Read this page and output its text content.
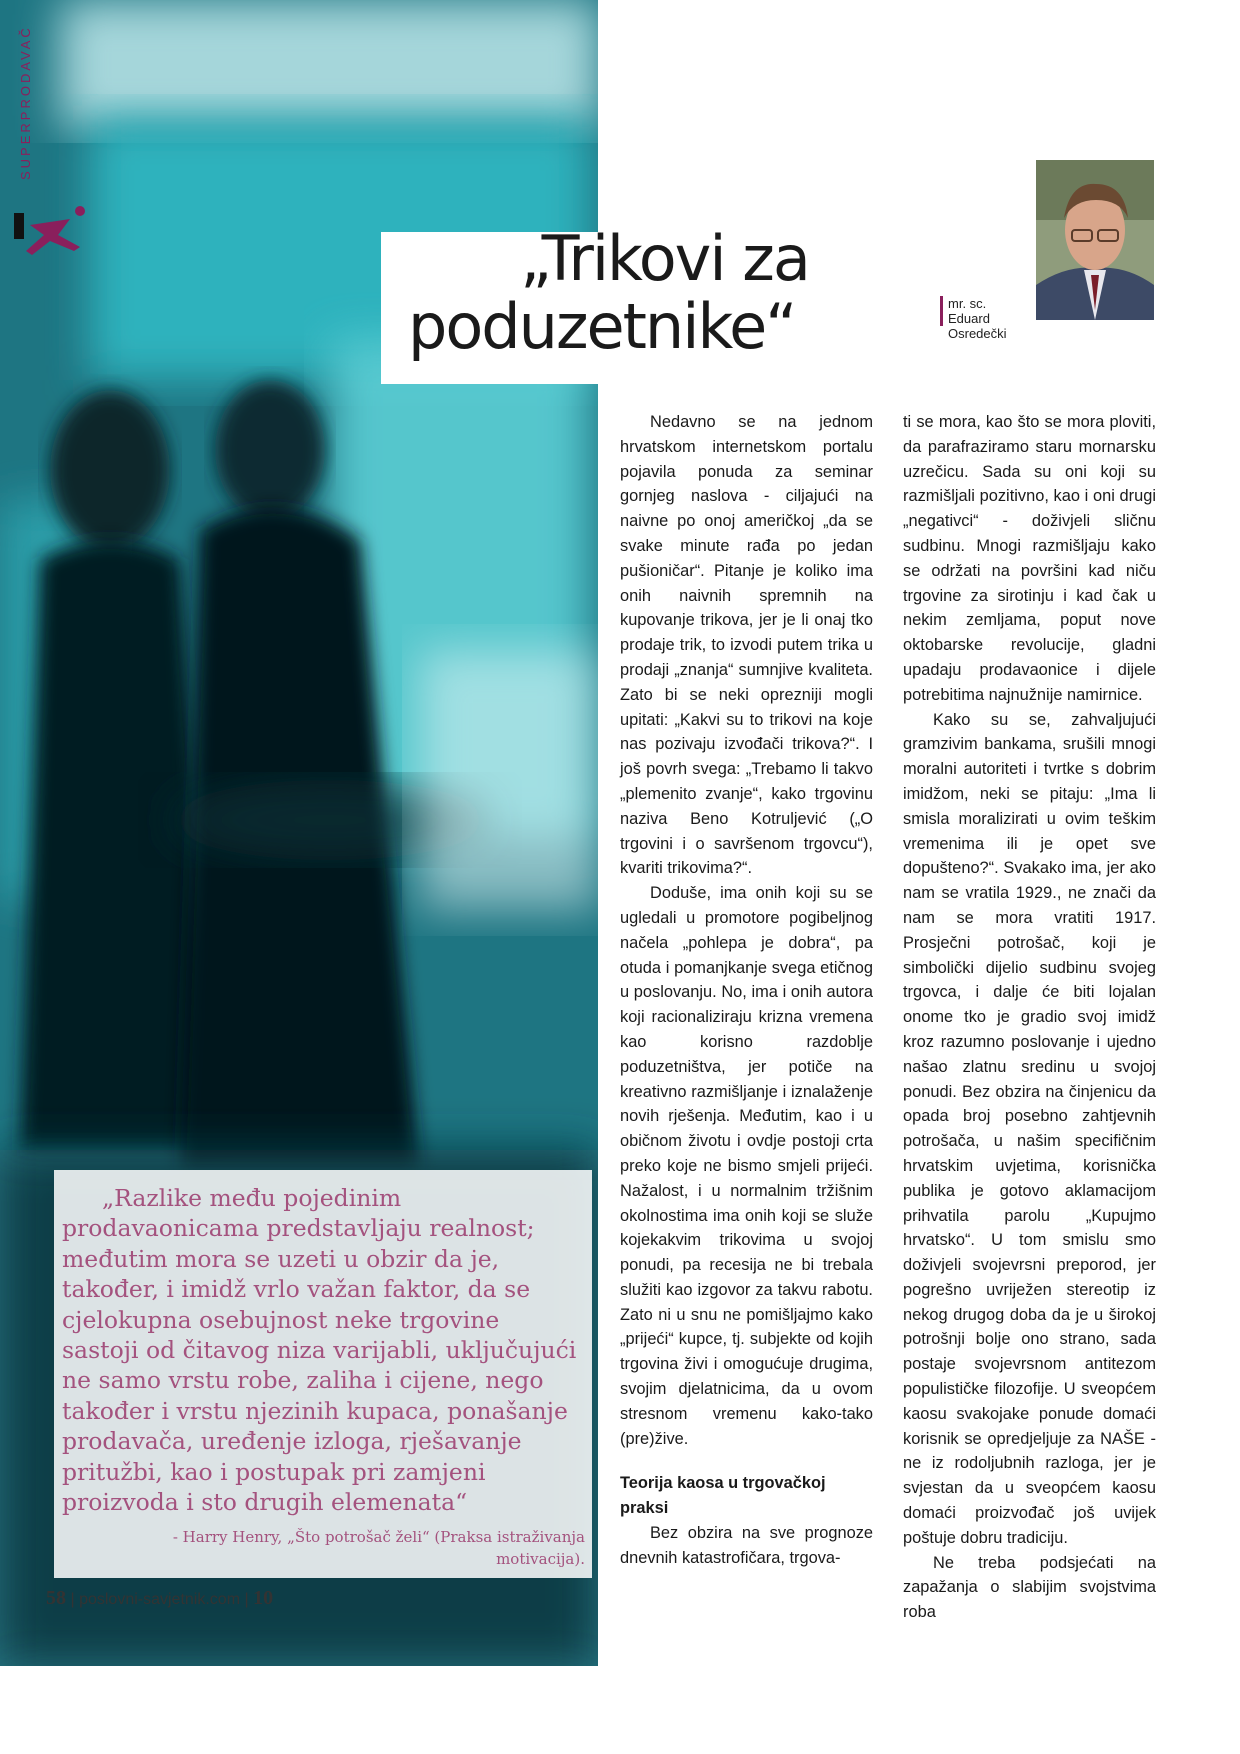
SUPERPRODAVAČ
„Trikovi za
poduzetnike“	mr. sc. Eduard Osredečki

Nedavno se na jednom hrvatskom internetskom portalu pojavila ponuda za seminar gornjeg naslova - ciljajući na naivne po onoj američkoj „da se svake minute rađa po jedan pušioničar“. Pitanje je koliko ima onih naivnih spremnih na kupovanje trikova, jer je li onaj tko prodaje trik, to izvodi putem trika u prodaji „znanja“ sumnjive kvaliteta. Zato bi se neki oprezniji mogli upitati: „Kakvi su to trikovi na koje nas pozivaju izvođači trikova?“. I još povrh svega: „Trebamo li takvo „plemenito zvanje“, kako trgovinu naziva Beno Kotruljević („O trgovini i o savršenom trgovcu“), kvariti trikovima?“.

Doduše, ima onih koji su se ugledali u promotore pogibeljnog načela „pohlepa je dobra“, pa otuda i pomanjkanje svega etičnog u poslovanju. No, ima i onih autora koji racionaliziraju krizna vremena kao korisno razdoblje poduzetništva, jer potiče na kreativno razmišljanje i iznalaženje novih rješenja. Međutim, kao i u običnom životu i ovdje postoji crta preko koje ne bismo smjeli prijeći. Nažalost, i u normalnim tržišnim okolnostima ima onih koji se služe kojekakvim trikovima u svojoj ponudi, pa recesija ne bi trebala služiti kao izgovor za takvu rabotu. Zato ni u snu ne pomišljajmo kako „prijeći“ kupce, tj. subjekte od kojih trgovina živi i omogućuje drugima, svojim djelatnicima, da u ovom stresnom vremenu kako-tako (pre)žive.

Teorija kaosa u trgovačkoj praksi

Bez obzira na sve prognoze dnevnih katastrofičara, trgova-

ti se mora, kao što se mora ploviti, da parafraziramo staru mornarsku uzrečicu. Sada su oni koji su razmišljali pozitivno, kao i oni drugi „negativci“ - doživjeli sličnu sudbinu. Mnogi razmišljaju kako se održati na površini kad niču trgovine za sirotinju i kad čak u nekim zemljama, poput nove oktobarske revolucije, gladni upadaju prodavaonice i dijele potrebitima najnužnije namirnice.

Kako su se, zahvaljujući gramzivim bankama, srušili mnogi moralni autoriteti i tvrtke s dobrim imidžom, neki se pitaju: „Ima li smisla moralizirati u ovim teškim vremenima ili je opet sve dopušteno?“. Svakako ima, jer ako nam se vratila 1929., ne znači da nam se mora vratiti 1917. Prosječni potrošač, koji je simbolički dijelio sudbinu svojeg trgovca, i dalje će biti lojalan onome tko je gradio svoj imidž kroz razumno poslovanje i ujedno našao zlatnu sredinu u svojoj ponudi. Bez obzira na činjenicu da opada broj posebno zahtjevnih potrošača, u našim specifičnim hrvatskim uvjetima, korisnička publika je gotovo aklamacijom prihvatila parolu „Kupujmo hrvatsko“. U tom smislu smo doživjeli svojevrsni preporod, jer pogrešno uvriježen stereotip iz nekog drugog doba da je u širokoj potrošnji bolje ono strano, sada postaje svojevrsnom antitezom populističke filozofije. U sveopćem kaosu svakojake ponude domaći korisnik se opredjeljuje za NAŠE - ne iz rodoljubnih razloga, jer je svjestan da u sveopćem kaosu domaći proizvođač još uvijek poštuje dobru tradiciju.

Ne treba podsjećati na zapažanja o slabijim svojstvima roba

„Razlike među pojedinim prodavaonicama predstavljaju realnost; međutim mora se uzeti u obzir da je, također, i imidž vrlo važan faktor, da se cjelokupna osebujnost neke trgovine sastoji od čitavog niza varijabli, uključujući ne samo vrstu robe, zaliha i cijene, nego također i vrstu njezinih kupaca, ponašanje prodavača, uređenje izloga, rješavanje pritužbi, kao i postupak pri zamjeni proizvoda i sto drugih elemenata“

- Harry Henry, „Što potrošač želi“ (Praksa istraživanja motivacija).
58 | poslovni-savjetnik.com | 10
